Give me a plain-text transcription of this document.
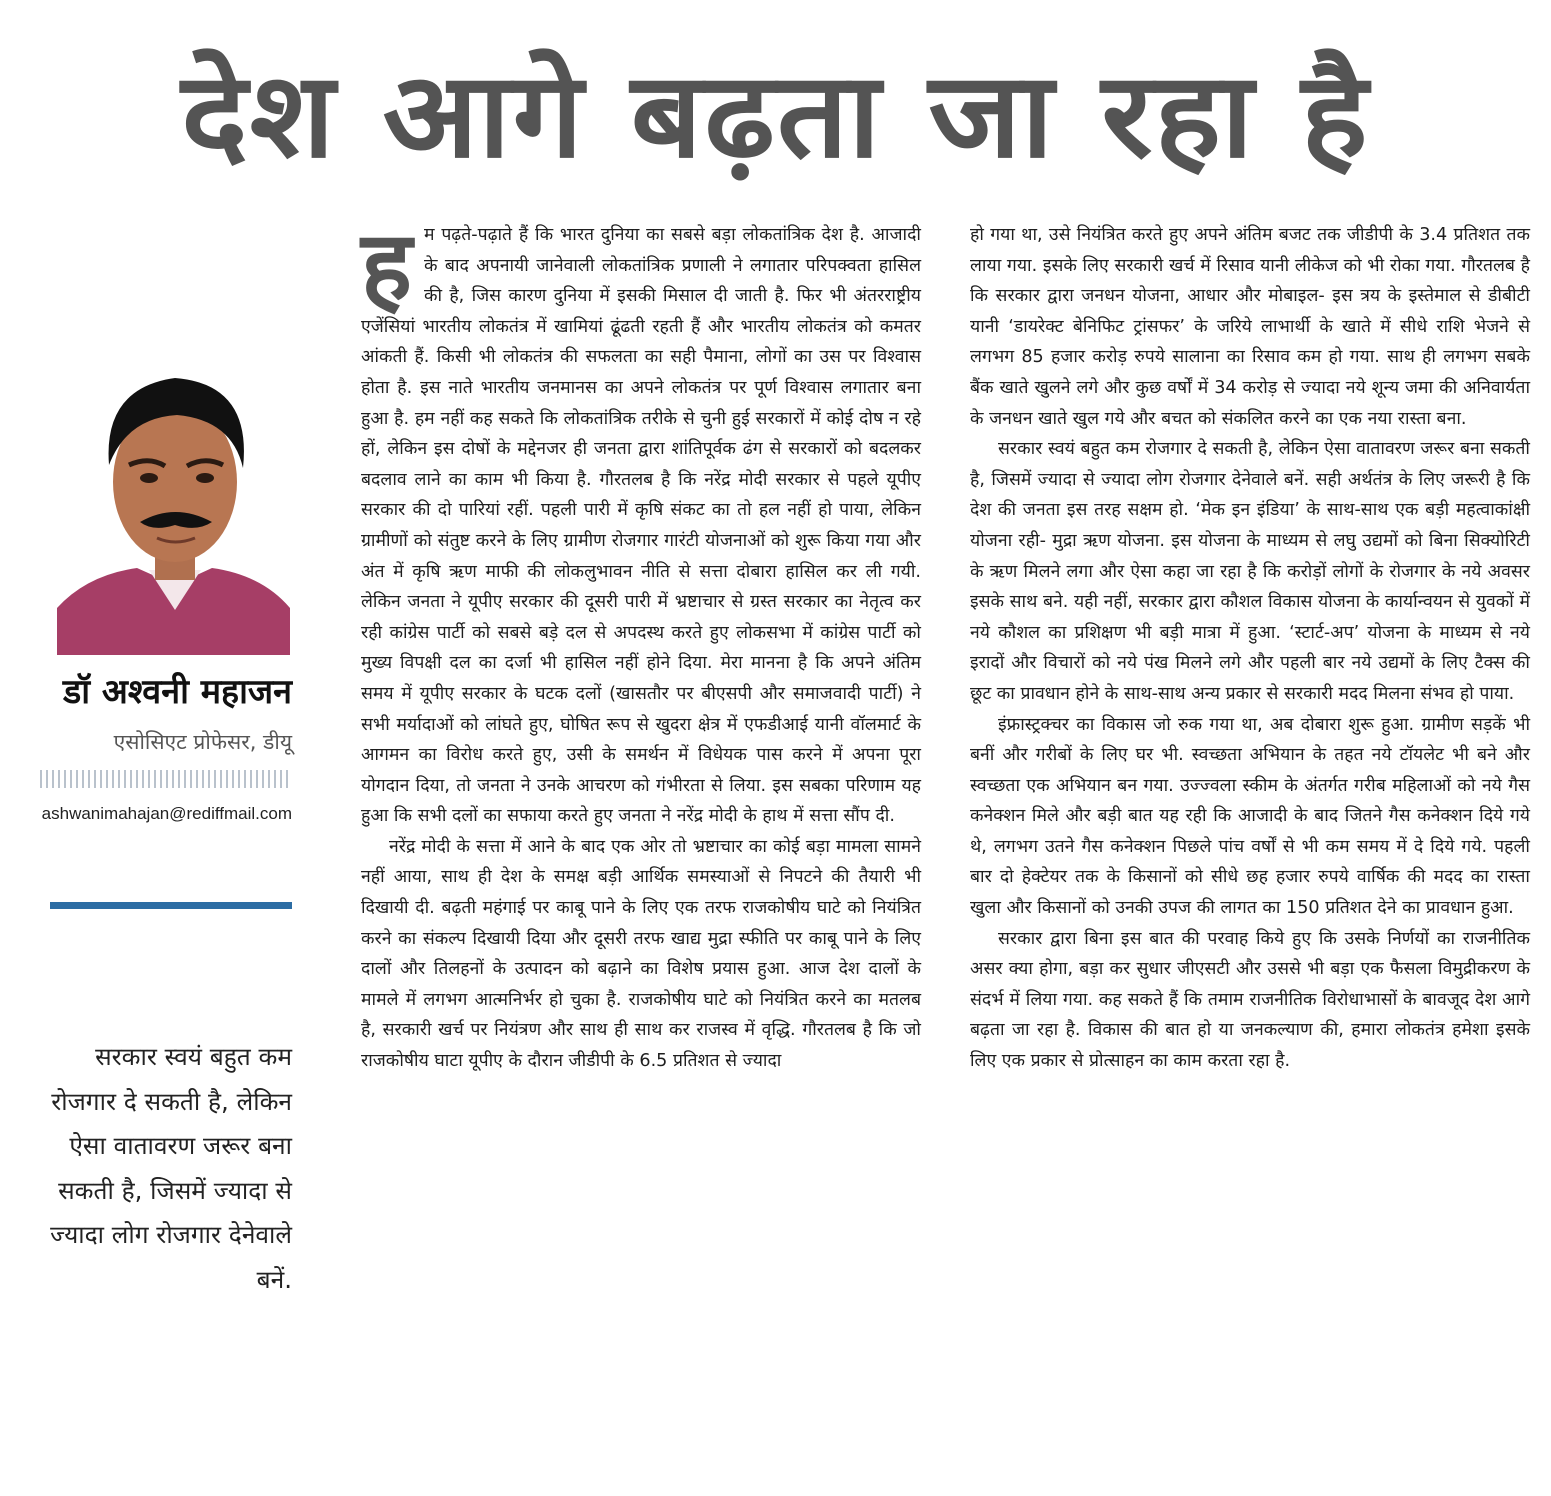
देश आगे बढ़ता जा रहा है
डॉ अश्वनी महाजन
एसोसिएट प्रोफेसर, डीयू
ashwanimahajan@rediffmail.com
सरकार स्वयं बहुत कम रोजगार दे सकती है, लेकिन ऐसा वातावरण जरूर बना सकती है, जिसमें ज्यादा से ज्यादा लोग रोजगार देनेवाले बनें.
ह म पढ़ते-पढ़ाते हैं कि भारत दुनिया का सबसे बड़ा लोकतांत्रिक देश है. आजादी के बाद अपनायी जानेवाली लोकतांत्रिक प्रणाली ने लगातार परिपक्वता हासिल की है, जिस कारण दुनिया में इसकी मिसाल दी जाती है. फिर भी अंतरराष्ट्रीय एजेंसियां भारतीय लोकतंत्र में खामियां ढूंढती रहती हैं और भारतीय लोकतंत्र को कमतर आंकती हैं. किसी भी लोकतंत्र की सफलता का सही पैमाना, लोगों का उस पर विश्वास होता है. इस नाते भारतीय जनमानस का अपने लोकतंत्र पर पूर्ण विश्वास लगातार बना हुआ है. हम नहीं कह सकते कि लोकतांत्रिक तरीके से चुनी हुई सरकारों में कोई दोष न रहे हों, लेकिन इस दोषों के मद्देनजर ही जनता द्वारा शांतिपूर्वक ढंग से सरकारों को बदलकर बदलाव लाने का काम भी किया है. गौरतलब है कि नरेंद्र मोदी सरकार से पहले यूपीए सरकार की दो पारियां रहीं. पहली पारी में कृषि संकट का तो हल नहीं हो पाया, लेकिन ग्रामीणों को संतुष्ट करने के लिए ग्रामीण रोजगार गारंटी योजनाओं को शुरू किया गया और अंत में कृषि ऋण माफी की लोकलुभावन नीति से सत्ता दोबारा हासिल कर ली गयी. लेकिन जनता ने यूपीए सरकार की दूसरी पारी में भ्रष्टाचार से ग्रस्त सरकार का नेतृत्व कर रही कांग्रेस पार्टी को सबसे बड़े दल से अपदस्थ करते हुए लोकसभा में कांग्रेस पार्टी को मुख्य विपक्षी दल का दर्जा भी हासिल नहीं होने दिया. मेरा मानना है कि अपने अंतिम समय में यूपीए सरकार के घटक दलों (खासतौर पर बीएसपी और समाजवादी पार्टी) ने सभी मर्यादाओं को लांघते हुए, घोषित रूप से खुदरा क्षेत्र में एफडीआई यानी वॉलमार्ट के आगमन का विरोध करते हुए, उसी के समर्थन में विधेयक पास करने में अपना पूरा योगदान दिया, तो जनता ने उनके आचरण को गंभीरता से लिया. इस सबका परिणाम यह हुआ कि सभी दलों का सफाया करते हुए जनता ने नरेंद्र मोदी के हाथ में सत्ता सौंप दी.

नरेंद्र मोदी के सत्ता में आने के बाद एक ओर तो भ्रष्टाचार का कोई बड़ा मामला सामने नहीं आया, साथ ही देश के समक्ष बड़ी आर्थिक समस्याओं से निपटने की तैयारी भी दिखायी दी. बढ़ती महंगाई पर काबू पाने के लिए एक तरफ राजकोषीय घाटे को नियंत्रित करने का संकल्प दिखायी दिया और दूसरी तरफ खाद्य मुद्रा स्फीति पर काबू पाने के लिए दालों और तिलहनों के उत्पादन को बढ़ाने का विशेष प्रयास हुआ. आज देश दालों के मामले में लगभग आत्मनिर्भर हो चुका है. राजकोषीय घाटे को नियंत्रित करने का मतलब है, सरकारी खर्च पर नियंत्रण और साथ ही साथ कर राजस्व में वृद्धि. गौरतलब है कि जो राजकोषीय घाटा यूपीए के दौरान जीडीपी के 6.5 प्रतिशत से ज्यादा

हो गया था, उसे नियंत्रित करते हुए अपने अंतिम बजट तक जीडीपी के 3.4 प्रतिशत तक लाया गया. इसके लिए सरकारी खर्च में रिसाव यानी लीकेज को भी रोका गया. गौरतलब है कि सरकार द्वारा जनधन योजना, आधार और मोबाइल- इस त्रय के इस्तेमाल से डीबीटी यानी ‘डायरेक्ट बेनिफिट ट्रांसफर’ के जरिये लाभार्थी के खाते में सीधे राशि भेजने से लगभग 85 हजार करोड़ रुपये सालाना का रिसाव कम हो गया. साथ ही लगभग सबके बैंक खाते खुलने लगे और कुछ वर्षों में 34 करोड़ से ज्यादा नये शून्य जमा की अनिवार्यता के जनधन खाते खुल गये और बचत को संकलित करने का एक नया रास्ता बना.

सरकार स्वयं बहुत कम रोजगार दे सकती है, लेकिन ऐसा वातावरण जरूर बना सकती है, जिसमें ज्यादा से ज्यादा लोग रोजगार देनेवाले बनें. सही अर्थतंत्र के लिए जरूरी है कि देश की जनता इस तरह सक्षम हो. ‘मेक इन इंडिया’ के साथ-साथ एक बड़ी महत्वाकांक्षी योजना रही- मुद्रा ऋण योजना. इस योजना के माध्यम से लघु उद्यमों को बिना सिक्योरिटी के ऋण मिलने लगा और ऐसा कहा जा रहा है कि करोड़ों लोगों के रोजगार के नये अवसर इसके साथ बने. यही नहीं, सरकार द्वारा कौशल विकास योजना के कार्यान्वयन से युवकों में नये कौशल का प्रशिक्षण भी बड़ी मात्रा में हुआ. ‘स्टार्ट-अप’ योजना के माध्यम से नये इरादों और विचारों को नये पंख मिलने लगे और पहली बार नये उद्यमों के लिए टैक्स की छूट का प्रावधान होने के साथ-साथ अन्य प्रकार से सरकारी मदद मिलना संभव हो पाया.

इंफ्रास्ट्रक्चर का विकास जो रुक गया था, अब दोबारा शुरू हुआ. ग्रामीण सड़कें भी बनीं और गरीबों के लिए घर भी. स्वच्छता अभियान के तहत नये टॉयलेट भी बने और स्वच्छता एक अभियान बन गया. उज्ज्वला स्कीम के अंतर्गत गरीब महिलाओं को नये गैस कनेक्शन मिले और बड़ी बात यह रही कि आजादी के बाद जितने गैस कनेक्शन दिये गये थे, लगभग उतने गैस कनेक्शन पिछले पांच वर्षों से भी कम समय में दे दिये गये. पहली बार दो हेक्टेयर तक के किसानों को सीधे छह हजार रुपये वार्षिक की मदद का रास्ता खुला और किसानों को उनकी उपज की लागत का 150 प्रतिशत देने का प्रावधान हुआ.

सरकार द्वारा बिना इस बात की परवाह किये हुए कि उसके निर्णयों का राजनीतिक असर क्या होगा, बड़ा कर सुधार जीएसटी और उससे भी बड़ा एक फैसला विमुद्रीकरण के संदर्भ में लिया गया. कह सकते हैं कि तमाम राजनीतिक विरोधाभासों के बावजूद देश आगे बढ़ता जा रहा है. विकास की बात हो या जनकल्याण की, हमारा लोकतंत्र हमेशा इसके लिए एक प्रकार से प्रोत्साहन का काम करता रहा है.
